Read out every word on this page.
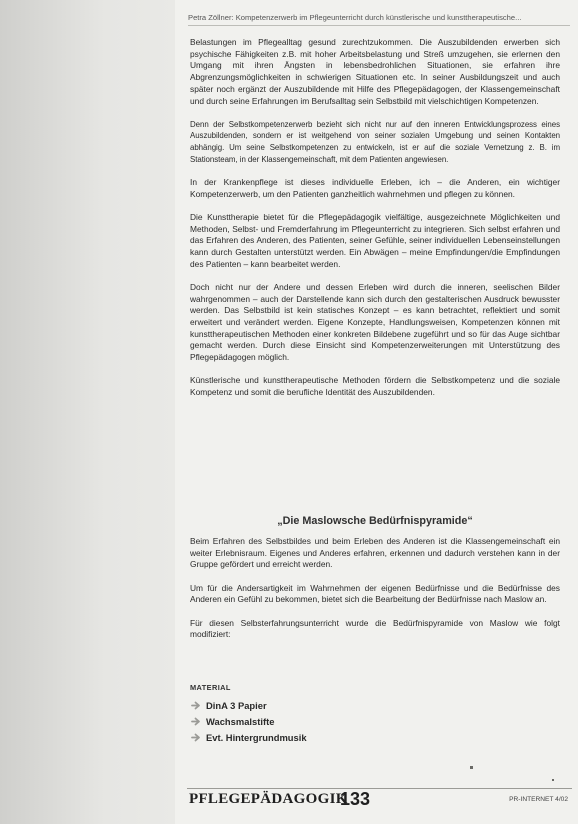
Petra Zöllner: Kompetenzerwerb im Pflegeunterricht durch künstlerische und kunsttherapeutische...

Belastungen im Pflegealltag gesund zurechtzukommen. Die Auszubildenden erwerben sich psychische Fähigkeiten z.B. mit hoher Arbeitsbelastung und Streß umzugehen, sie erlernen den Umgang mit ihren Ängsten in lebensbedrohlichen Situationen, sie erfahren ihre Abgrenzungsmöglichkeiten in schwierigen Situationen etc. In seiner Ausbildungszeit und auch später noch ergänzt der Auszubildende mit Hilfe des Pflegepädagogen, der Klassengemeinschaft und durch seine Erfahrungen im Berufsalltag sein Selbstbild mit vielschichtigen Kompetenzen.

Denn der Selbstkompetenzerwerb bezieht sich nicht nur auf den inneren Entwicklungsprozess eines Auszubildenden, sondern er ist weitgehend von seiner sozialen Umgebung und seinen Kontakten abhängig. Um seine Selbstkompetenzen zu entwickeln, ist er auf die soziale Vernetzung z. B. im Stationsteam, in der Klassengemeinschaft, mit dem Patienten angewiesen.

In der Krankenpflege ist dieses individuelle Erleben, ich – die Anderen, ein wichtiger Kompetenzerwerb, um den Patienten ganzheitlich wahrnehmen und pflegen zu können.

Die Kunsttherapie bietet für die Pflegepädagogik vielfältige, ausgezeichnete Möglichkeiten und Methoden, Selbst- und Fremderfahrung im Pflegeunterricht zu integrieren. Sich selbst erfahren und das Erfahren des Anderen, des Patienten, seiner Gefühle, seiner individuellen Lebenseinstellungen kann durch Gestalten unterstützt werden. Ein Abwägen – meine Empfindungen/die Empfindungen des Patienten – kann bearbeitet werden.

Doch nicht nur der Andere und dessen Erleben wird durch die inneren, seelischen Bilder wahrgenommen – auch der Darstellende kann sich durch den gestalterischen Ausdruck bewusster werden. Das Selbstbild ist kein statisches Konzept – es kann betrachtet, reflektiert und somit erweitert und verändert werden. Eigene Konzepte, Handlungsweisen, Kompetenzen können mit kunsttherapeutischen Methoden einer konkreten Bildebene zugeführt und so für das Auge sichtbar gemacht werden. Durch diese Einsicht sind Kompetenzerweiterungen mit Unterstützung des Pflegepädagogen möglich.

Künstlerische und kunsttherapeutische Methoden fördern die Selbstkompetenz und die soziale Kompetenz und somit die berufliche Identität des Auszubildenden.

„Die Maslowsche Bedürfnispyramide“

Beim Erfahren des Selbstbildes und beim Erleben des Anderen ist die Klassengemeinschaft ein weiter Erlebnisraum. Eigenes und Anderes erfahren, erkennen und dadurch verstehen kann in der Gruppe gefördert und erreicht werden.

Um für die Andersartigkeit im Wahrnehmen der eigenen Bedürfnisse und die Bedürfnisse des Anderen ein Gefühl zu bekommen, bietet sich die Bearbeitung der Bedürfnisse nach Maslow an.

Für diesen Selbsterfahrungsunterricht wurde die Bedürfnispyramide von Maslow wie folgt modifiziert:

MATERIAL
DinA 3 Papier
Wachsmalstifte
Evt. Hintergrundmusik
PFLEGEPÄDAGOGIK
133	PR-INTERNET 4/02
